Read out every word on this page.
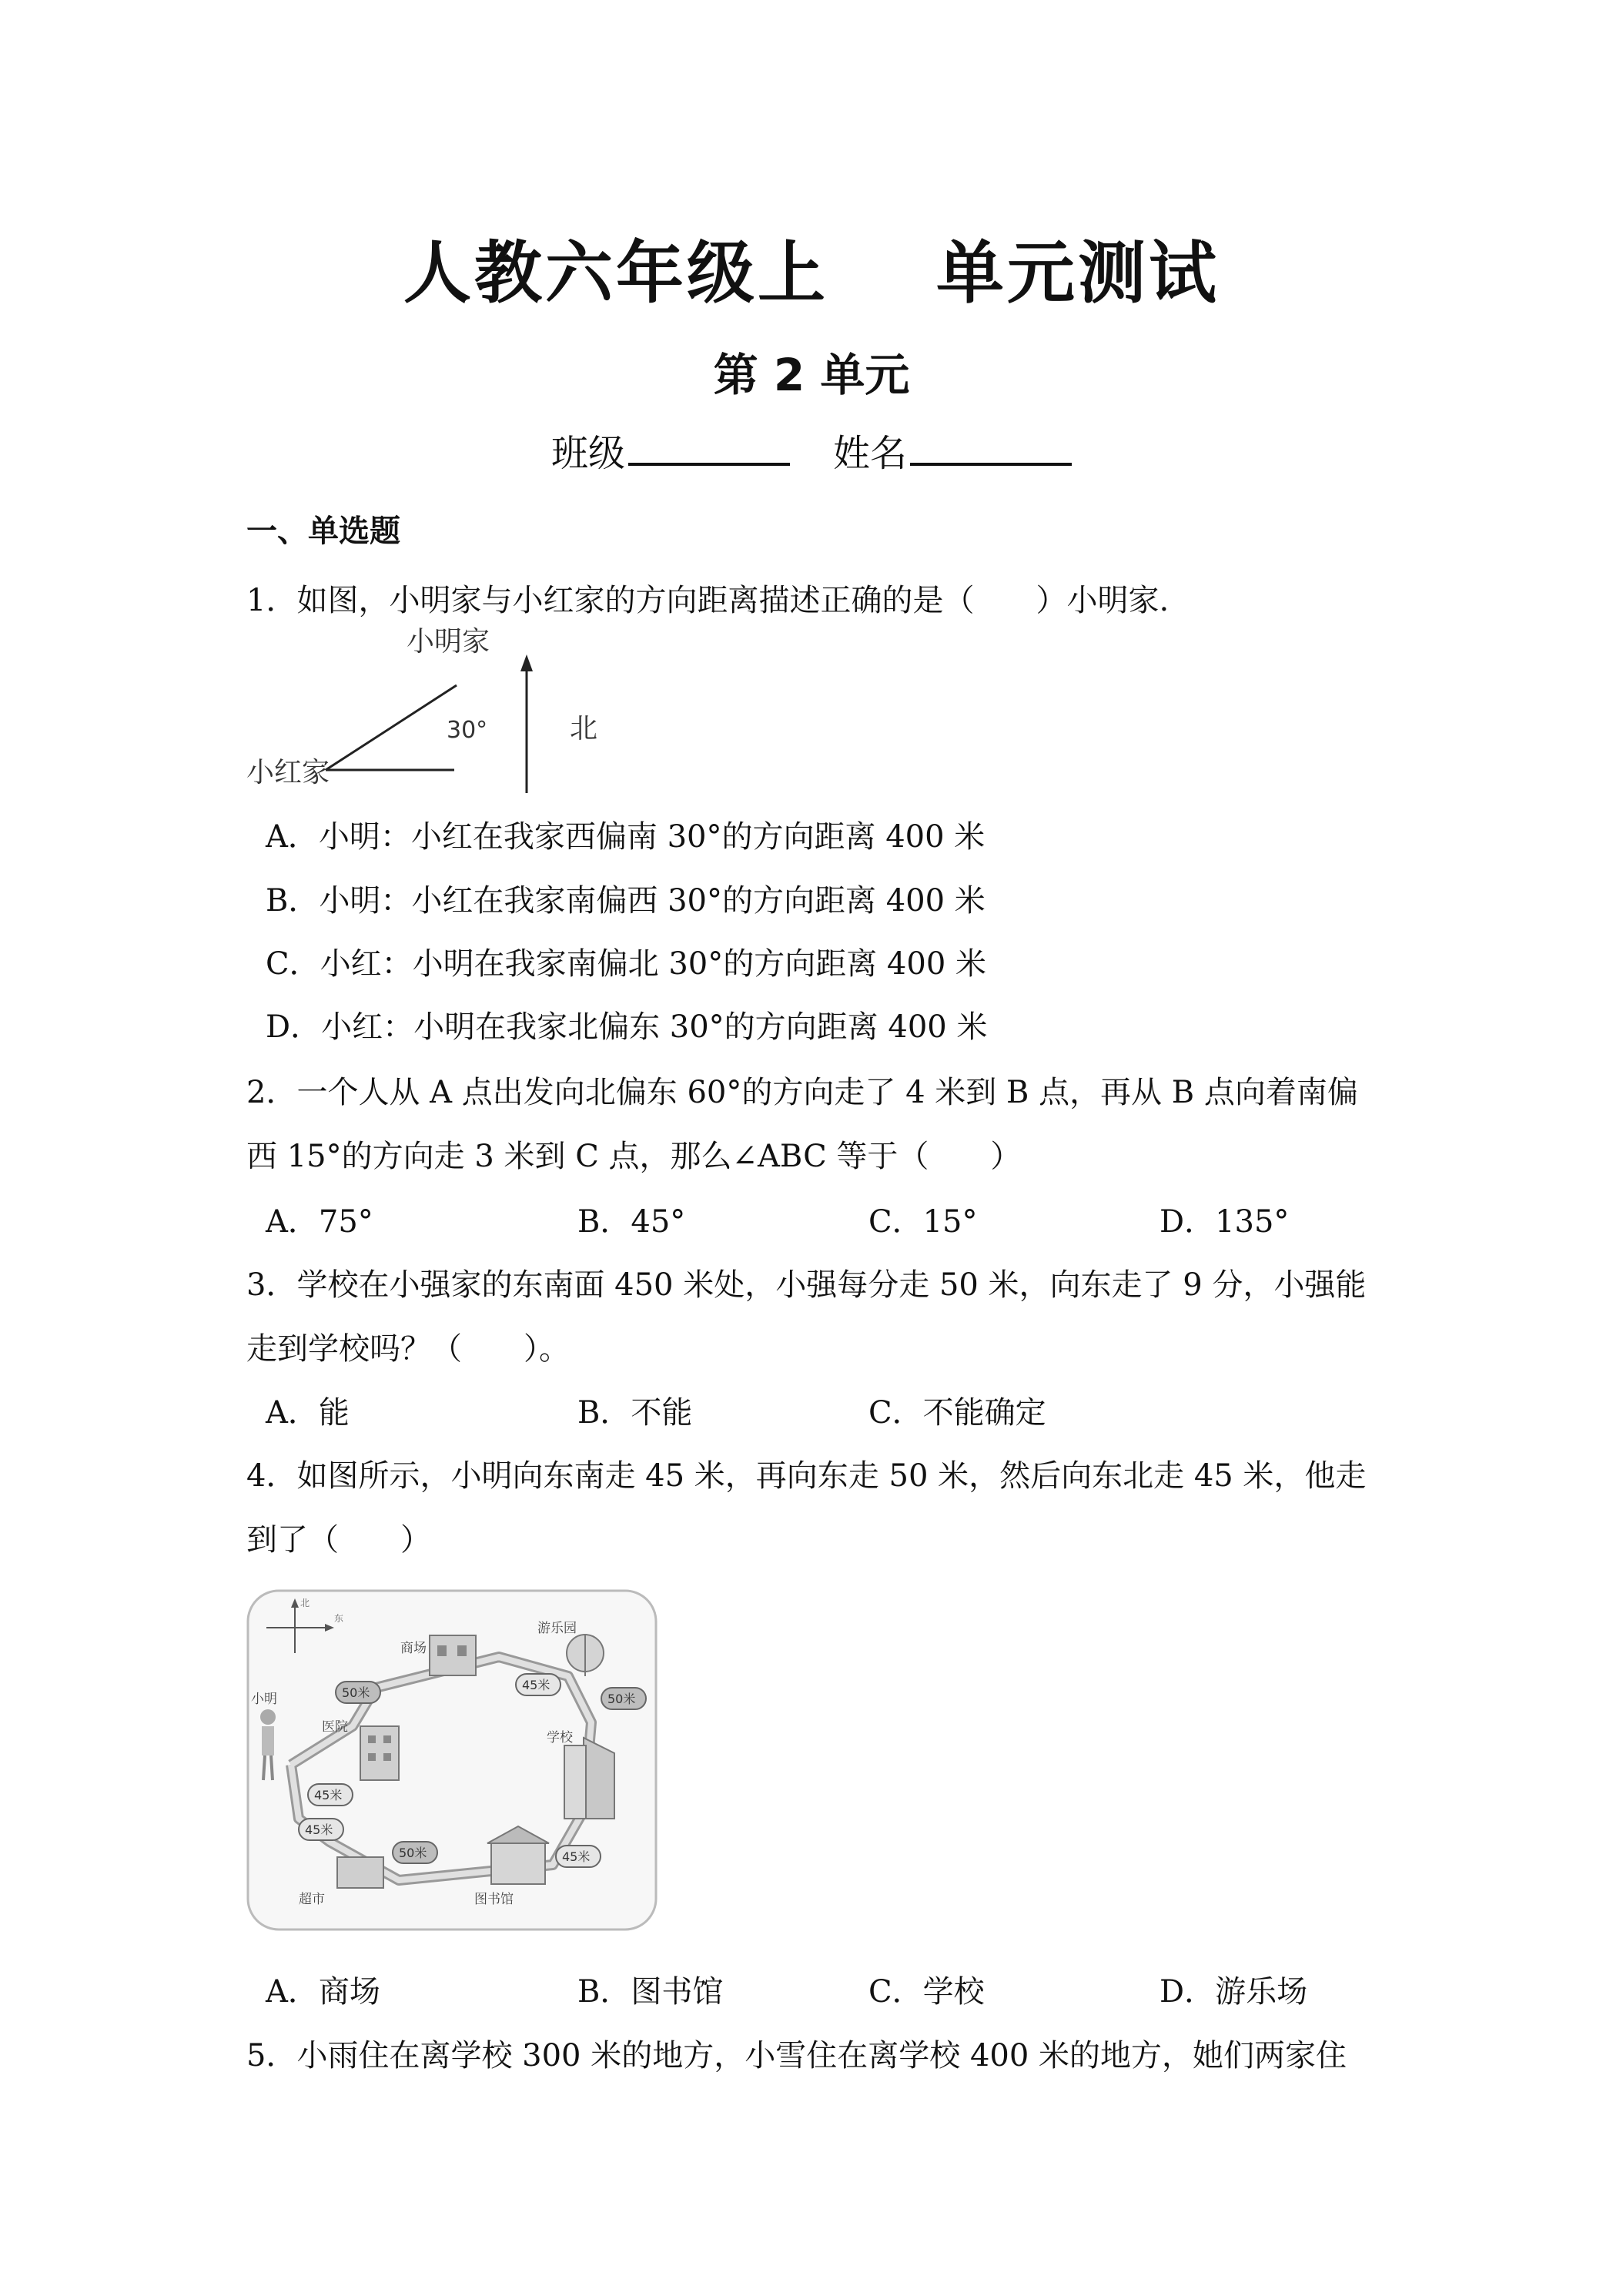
人教六年级上 单元测试
第 2 单元
班级	姓名
一、单选题
1．如图，小明家与小红家的方向距离描述正确的是（ ）小明家.
小明家
小红家
30°	北
A．小明：小红在我家西偏南 30°的方向距离 400 米
B．小明：小红在我家南偏西 30°的方向距离 400 米
C．小红：小明在我家南偏北 30°的方向距离 400 米
D．小红：小明在我家北偏东 30°的方向距离 400 米
2．一个人从 A 点出发向北偏东 60°的方向走了 4 米到 B 点，再从 B 点向着南偏
西 15°的方向走 3 米到 C 点，那么∠ABC 等于（ ）
A．75°	B．45°	C．15°	D．135°
3．学校在小强家的东南面 450 米处，小强每分走 50 米，向东走了 9 分，小强能
走到学校吗？（ ）。
A．能	B．不能	C．不能确定
4．如图所示，小明向东南走 45 米，再向东走 50 米，然后向东北走 45 米，他走
到了（ ）
北
东
商场
游乐园
小明
医院
学校
超市	图书馆
50米
45米
50米
45米
45米
50米	45米
A．商场	B．图书馆	C．学校	D．游乐场
5．小雨住在离学校 300 米的地方，小雪住在离学校 400 米的地方，她们两家住
